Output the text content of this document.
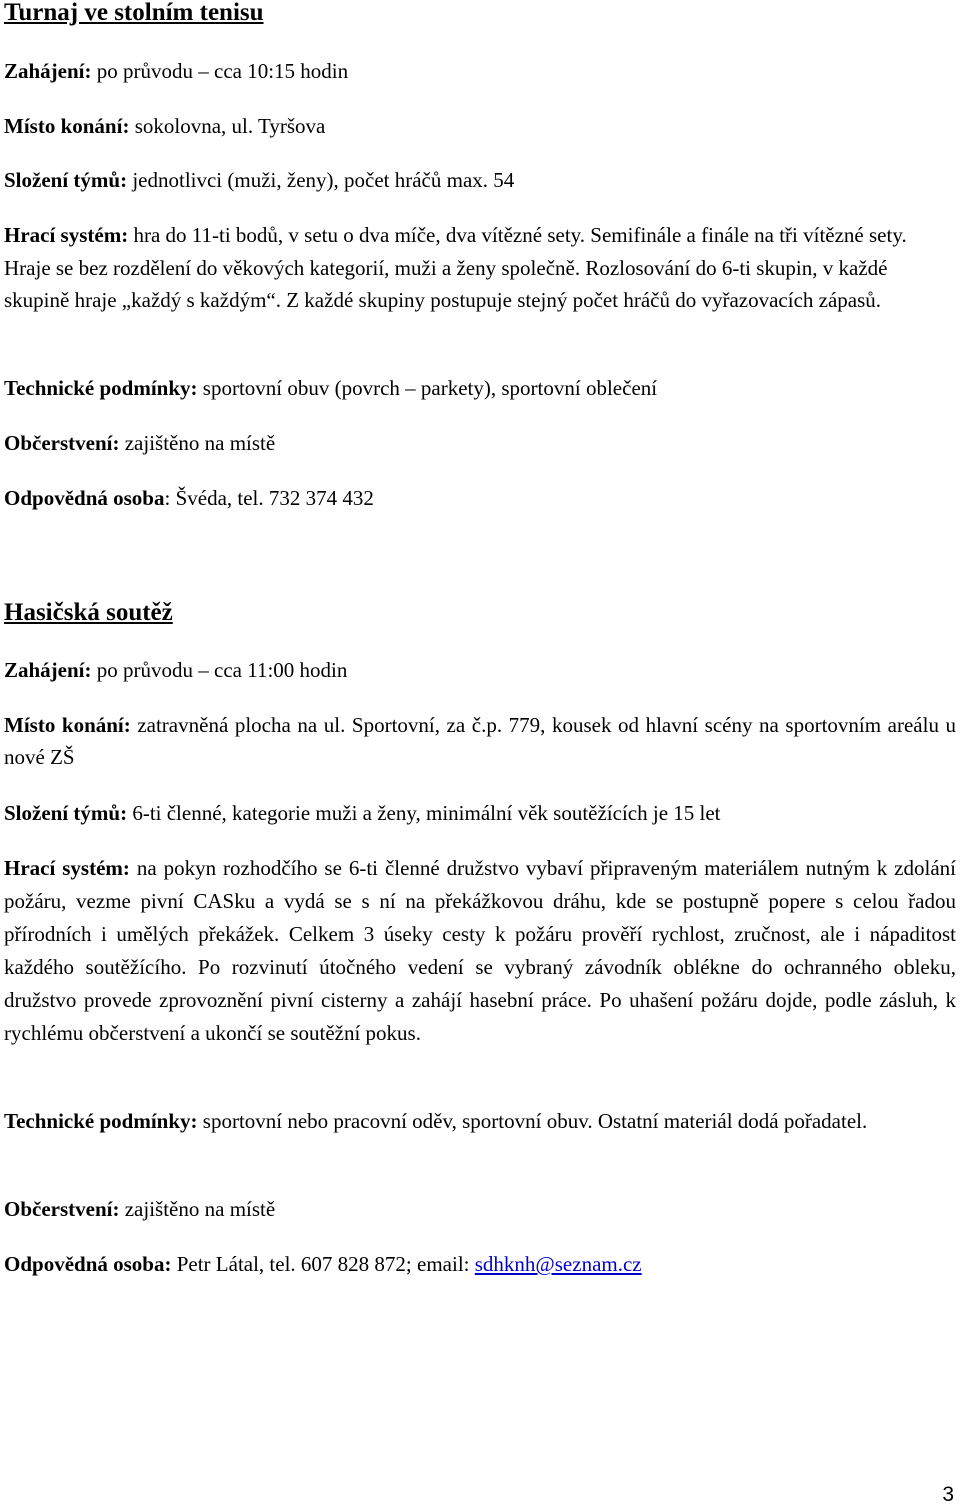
Turnaj ve stolním tenisu

Zahájení: po průvodu – cca 10:15 hodin

Místo konání: sokolovna, ul. Tyršova

Složení týmů: jednotlivci (muži, ženy), počet hráčů max. 54

Hrací systém: hra do 11-ti bodů, v setu o dva míče, dva vítězné sety. Semifinále a finále na tři vítězné sety. Hraje se bez rozdělení do věkových kategorií, muži a ženy společně. Rozlosování do 6-ti skupin, v každé skupině hraje „každý s každým“. Z každé skupiny postupuje stejný počet hráčů do vyřazovacích zápasů.

Technické podmínky: sportovní obuv (povrch – parkety), sportovní oblečení

Občerstvení: zajištěno na místě

Odpovědná osoba: Švéda, tel. 732 374 432

Hasičská soutěž

Zahájení: po průvodu – cca 11:00 hodin

Místo konání: zatravněná plocha na ul. Sportovní, za č.p. 779, kousek od hlavní scény na sportovním areálu u nové ZŠ

Složení týmů: 6-ti členné, kategorie muži a ženy, minimální věk soutěžících je 15 let

Hrací systém: na pokyn rozhodčího se 6-ti členné družstvo vybaví připraveným materiálem nutným k zdolání požáru, vezme pivní CASku a vydá se s ní na překážkovou dráhu, kde se postupně popere s celou řadou přírodních i umělých překážek. Celkem 3 úseky cesty k požáru prověří rychlost, zručnost, ale i nápaditost každého soutěžícího. Po rozvinutí útočného vedení se vybraný závodník oblékne do ochranného obleku, družstvo provede zprovoznění pivní cisterny a zahájí hasební práce. Po uhašení požáru dojde, podle zásluh, k rychlému občerstvení a ukončí se soutěžní pokus.

Technické podmínky: sportovní nebo pracovní oděv, sportovní obuv. Ostatní materiál dodá pořadatel.

Občerstvení: zajištěno na místě

Odpovědná osoba: Petr Látal, tel. 607 828 872; email: sdhknh@seznam.cz

3
